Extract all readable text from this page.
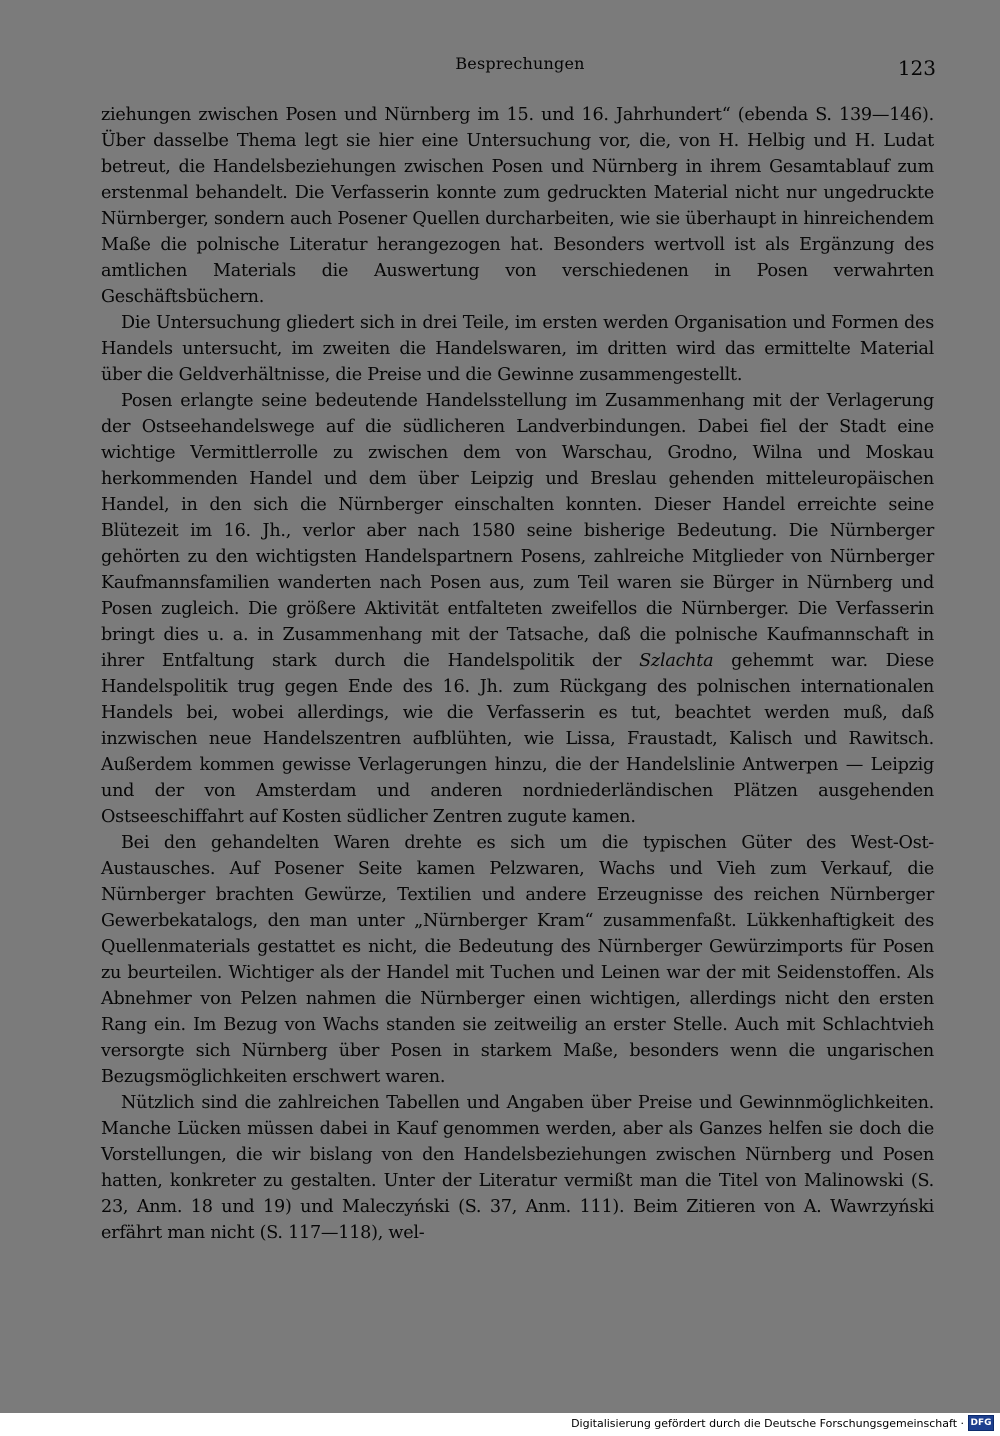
Besprechungen	123

ziehungen zwischen Posen und Nürnberg im 15. und 16. Jahrhundert“ (ebenda S. 139—146). Über dasselbe Thema legt sie hier eine Untersuchung vor, die, von H. Helbig und H. Ludat betreut, die Handelsbeziehungen zwischen Posen und Nürnberg in ihrem Gesamtablauf zum erstenmal behandelt. Die Verfasserin konnte zum gedruckten Material nicht nur ungedruckte Nürnberger, sondern auch Posener Quellen durcharbeiten, wie sie überhaupt in hinreichendem Maße die polnische Literatur herangezogen hat. Besonders wertvoll ist als Ergänzung des amtlichen Materials die Auswertung von verschiedenen in Posen verwahrten Geschäftsbüchern.

Die Untersuchung gliedert sich in drei Teile, im ersten werden Organisation und Formen des Handels untersucht, im zweiten die Handelswaren, im dritten wird das ermittelte Material über die Geldverhältnisse, die Preise und die Gewinne zusammengestellt.

Posen erlangte seine bedeutende Handelsstellung im Zusammenhang mit der Verlagerung der Ostseehandelswege auf die südlicheren Landverbindungen. Dabei fiel der Stadt eine wichtige Vermittlerrolle zu zwischen dem von Warschau, Grodno, Wilna und Moskau herkommenden Handel und dem über Leipzig und Breslau gehenden mitteleuropäischen Handel, in den sich die Nürnberger einschalten konnten. Dieser Handel erreichte seine Blütezeit im 16. Jh., verlor aber nach 1580 seine bisherige Bedeutung. Die Nürnberger gehörten zu den wichtigsten Handelspartnern Posens, zahlreiche Mitglieder von Nürnberger Kaufmannsfamilien wanderten nach Posen aus, zum Teil waren sie Bürger in Nürnberg und Posen zugleich. Die größere Aktivität entfalteten zweifellos die Nürnberger. Die Verfasserin bringt dies u. a. in Zusammenhang mit der Tatsache, daß die polnische Kaufmannschaft in ihrer Entfaltung stark durch die Handelspolitik der Szlachta gehemmt war. Diese Handelspolitik trug gegen Ende des 16. Jh. zum Rückgang des polnischen internationalen Handels bei, wobei allerdings, wie die Verfasserin es tut, beachtet werden muß, daß inzwischen neue Handelszentren aufblühten, wie Lissa, Fraustadt, Kalisch und Rawitsch. Außerdem kommen gewisse Verlagerungen hinzu, die der Handelslinie Antwerpen — Leipzig und der von Amsterdam und anderen nordniederländischen Plätzen ausgehenden Ostseeschiffahrt auf Kosten südlicher Zentren zugute kamen.

Bei den gehandelten Waren drehte es sich um die typischen Güter des West-Ost-Austausches. Auf Posener Seite kamen Pelzwaren, Wachs und Vieh zum Verkauf, die Nürnberger brachten Gewürze, Textilien und andere Erzeugnisse des reichen Nürnberger Gewerbekatalogs, den man unter „Nürnberger Kram“ zusammenfaßt. Lükkenhaftigkeit des Quellenmaterials gestattet es nicht, die Bedeutung des Nürnberger Gewürzimports für Posen zu beurteilen. Wichtiger als der Handel mit Tuchen und Leinen war der mit Seidenstoffen. Als Abnehmer von Pelzen nahmen die Nürnberger einen wichtigen, allerdings nicht den ersten Rang ein. Im Bezug von Wachs standen sie zeitweilig an erster Stelle. Auch mit Schlachtvieh versorgte sich Nürnberg über Posen in starkem Maße, besonders wenn die ungarischen Bezugsmöglichkeiten erschwert waren.

Nützlich sind die zahlreichen Tabellen und Angaben über Preise und Gewinnmöglichkeiten. Manche Lücken müssen dabei in Kauf genommen werden, aber als Ganzes helfen sie doch die Vorstellungen, die wir bislang von den Handelsbeziehungen zwischen Nürnberg und Posen hatten, konkreter zu gestalten. Unter der Literatur vermißt man die Titel von Malinowski (S. 23, Anm. 18 und 19) und Maleczyński (S. 37, Anm. 111). Beim Zitieren von A. Wawrzyński erfährt man nicht (S. 117—118), wel-

Digitalisierung gefördert durch die Deutsche Forschungsgemeinschaft · DFG
